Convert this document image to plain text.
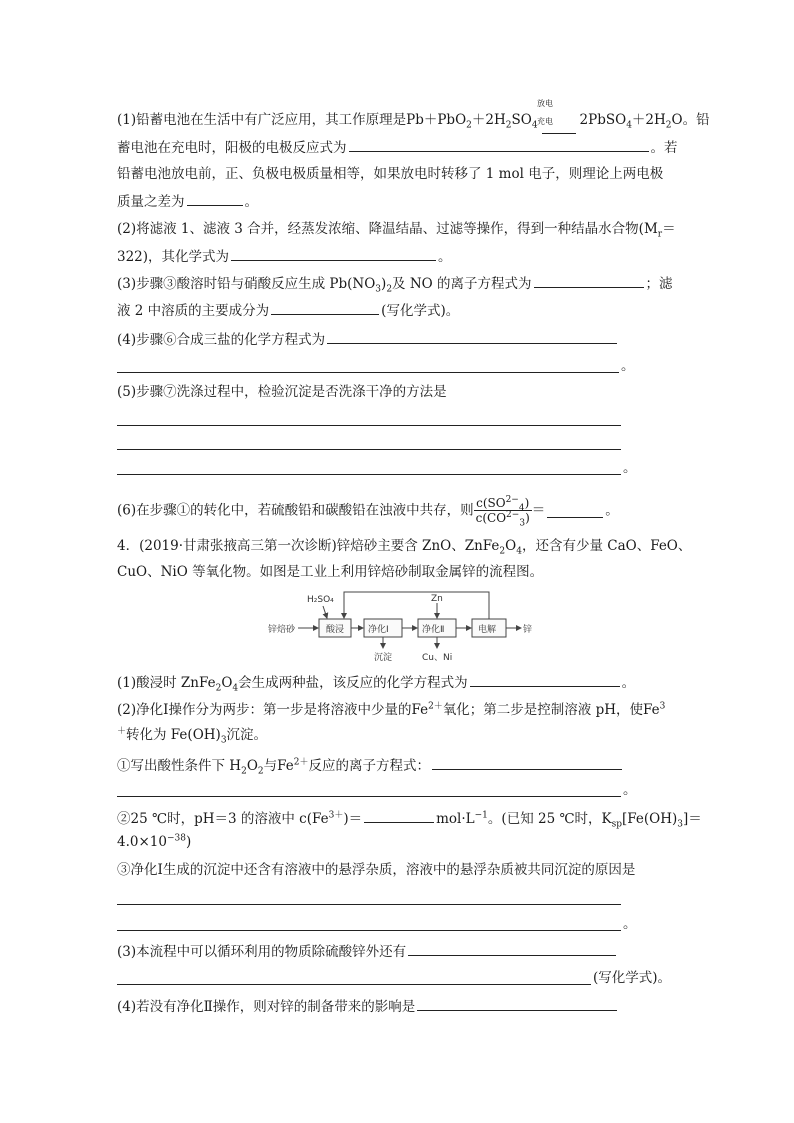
(1)铅蓄电池在生活中有广泛应用，其工作原理是$Pb+PbO_2+2H_2SO_4$	$2PbSO_4+2H_2O$。铅
放电
充电
蓄电池在充电时，阳极的电极反应式为	。若
铅蓄电池放电前，正、负极电极质量相等，如果放电时转移了 1 mol 电子，则理论上两电极
质量之差为	。
(2)将滤液 1、滤液 3 合并，经蒸发浓缩、降温结晶、过滤等操作，得到一种结晶水合物($M_r=$
322)，其化学式为	。
(3)步骤③酸溶时铅与硝酸反应生成 $Pb(NO_3)_2$及 NO 的离子方程式为	；滤
液 2 中溶质的主要成分为	(写化学式)。
(4)步骤⑥合成三盐的化学方程式为
。
(5)步骤⑦洗涤过程中，检验沉淀是否洗涤干净的方法是
。
(6)在步骤①的转化中，若硫酸铅和碳酸铅在浊液中共存，则 $\frac{c(SO^{2-}_4)}{c(CO^{2-}_3)}$ ＝	。
4．(2019·甘肃张掖高三第一次诊断)锌焙砂主要含 ZnO、$ZnFe_2O_4$，还含有少量 CaO、FeO、
CuO、NiO 等氧化物。如图是工业上利用锌焙砂制取金属锌的流程图。
锌焙砂
H₂SO₄
酸浸	净化Ⅰ	净化Ⅱ	电解	锌
Zn
沉淀	Cu、Ni
(1)酸浸时 $ZnFe_2O_4$会生成两种盐，该反应的化学方程式为	。
(2)净化Ⅰ操作分为两步：第一步是将溶液中少量的$Fe^{2+}$氧化；第二步是控制溶液 pH，使Fe$^3$
＋转化为 $Fe(OH)_3$沉淀。
①写出酸性条件下 $H_2O_2$与$Fe^{2+}$反应的离子方程式：
。
②25 ℃时，pH＝3 的溶液中 $c(Fe^{3+})=$	$mol\cdot L^{-1}$。(已知 25 ℃时，$K_{sp}[Fe(OH)_3]=$
$4.0\times 10^{-38}$)
③净化Ⅰ生成的沉淀中还含有溶液中的悬浮杂质，溶液中的悬浮杂质被共同沉淀的原因是
。
(3)本流程中可以循环利用的物质除硫酸锌外还有
(写化学式)。
(4)若没有净化Ⅱ操作，则对锌的制备带来的影响是
